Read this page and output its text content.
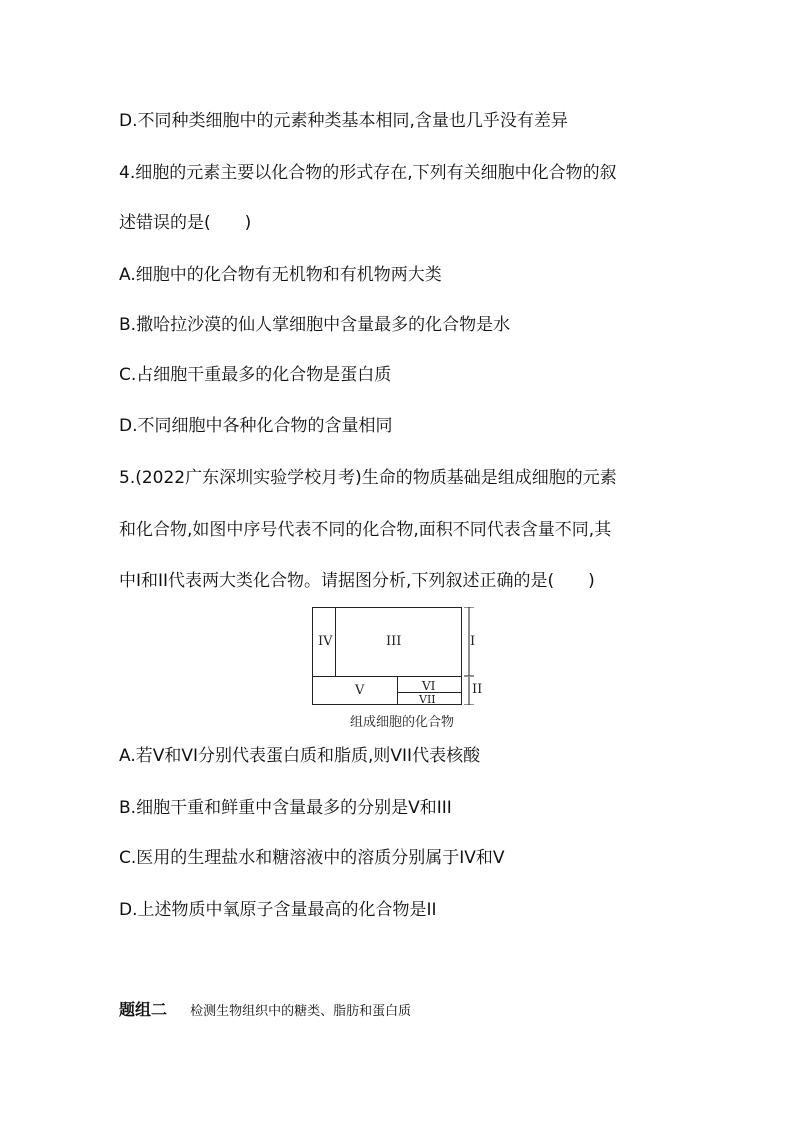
D.不同种类细胞中的元素种类基本相同,含量也几乎没有差异
4.细胞的元素主要以化合物的形式存在,下列有关细胞中化合物的叙
述错误的是(　　)
A.细胞中的化合物有无机物和有机物两大类
B.撒哈拉沙漠的仙人掌细胞中含量最多的化合物是水
C.占细胞干重最多的化合物是蛋白质
D.不同细胞中各种化合物的含量相同
5.(2022广东深圳实验学校月考)生命的物质基础是组成细胞的元素
和化合物,如图中序号代表不同的化合物,面积不同代表含量不同,其
中I和II代表两大类化合物。请据图分析,下列叙述正确的是(　　)
IV	III
V	VI
VII
I
II
组成细胞的化合物
A.若V和VI分别代表蛋白质和脂质,则VII代表核酸
B.细胞干重和鲜重中含量最多的分别是V和III
C.医用的生理盐水和糖溶液中的溶质分别属于IV和V
D.上述物质中氧原子含量最高的化合物是II
题组二 检测生物组织中的糖类、脂肪和蛋白质
